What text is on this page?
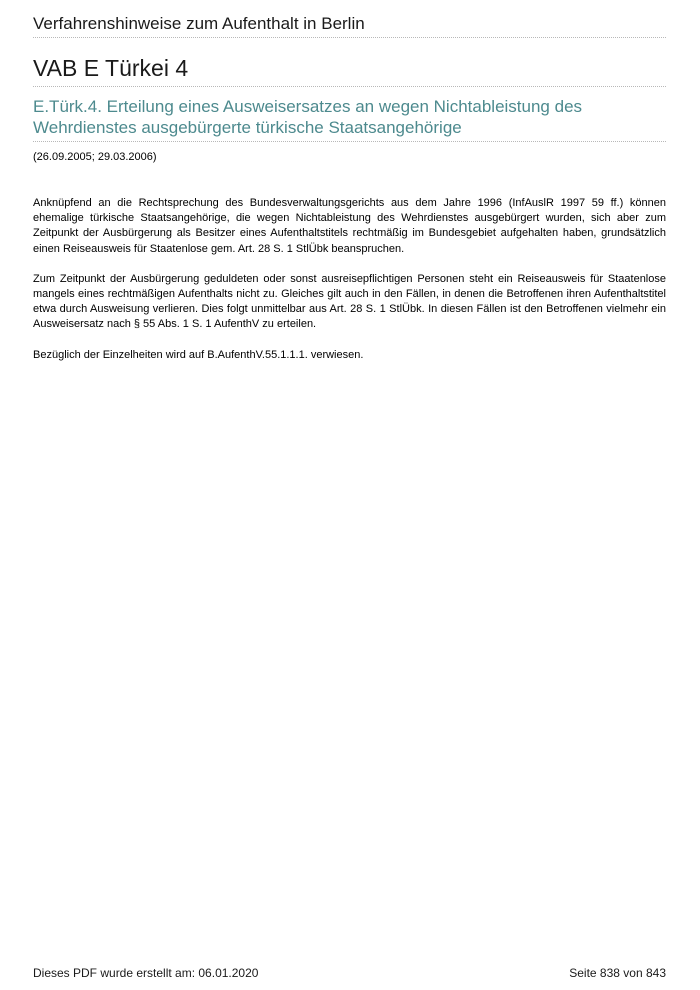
Verfahrenshinweise zum Aufenthalt in Berlin
VAB E Türkei 4
E.Türk.4. Erteilung eines Ausweisersatzes an wegen Nichtableistung des Wehrdienstes ausgebürgerte türkische Staatsangehörige
(26.09.2005; 29.03.2006)

Anknüpfend an die Rechtsprechung des Bundesverwaltungsgerichts aus dem Jahre 1996 (InfAuslR 1997 59 ff.) können ehemalige türkische Staatsangehörige, die wegen Nichtableistung des Wehrdienstes ausgebürgert wurden, sich aber zum Zeitpunkt der Ausbürgerung als Besitzer eines Aufenthaltstitels rechtmäßig im Bundesgebiet aufgehalten haben, grundsätzlich einen Reiseausweis für Staatenlose gem. Art. 28 S. 1 StlÜbk beanspruchen.

Zum Zeitpunkt der Ausbürgerung geduldeten oder sonst ausreisepflichtigen Personen steht ein Reiseausweis für Staatenlose mangels eines rechtmäßigen Aufenthalts nicht zu. Gleiches gilt auch in den Fällen, in denen die Betroffenen ihren Aufenthaltstitel etwa durch Ausweisung verlieren. Dies folgt unmittelbar aus Art. 28 S. 1 StlÜbk. In diesen Fällen ist den Betroffenen vielmehr ein Ausweisersatz nach § 55 Abs. 1 S. 1 AufenthV zu erteilen.

Bezüglich der Einzelheiten wird auf B.AufenthV.55.1.1.1. verwiesen.

Dieses PDF wurde erstellt am: 06.01.2020	Seite 838 von 843
